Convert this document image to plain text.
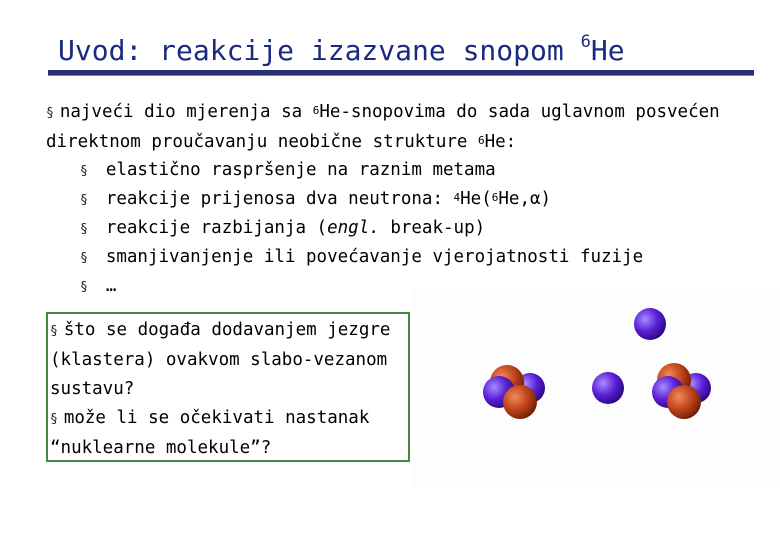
Uvod: reakcije izazvane snopom $^6$He
§ najveći dio mjerenja sa $^6$He-snopovima do sada uglavnom posvećen direktnom proučavanju neobične strukture $^6$He:
§ elastično raspršenje na raznim metama
§ reakcije prijenosa dva neutrona: $^4$He($^6$He,α)
§ reakcije razbijanja (engl. break-up)
§ smanjivanjenje ili povećavanje vjerojatnosti fuzije
§ …
§ što se događa dodavanjem jezgre (klastera) ovakvom slabo-vezanom sustavu?
§ može li se očekivati nastanak “nuklearne molekule”?
